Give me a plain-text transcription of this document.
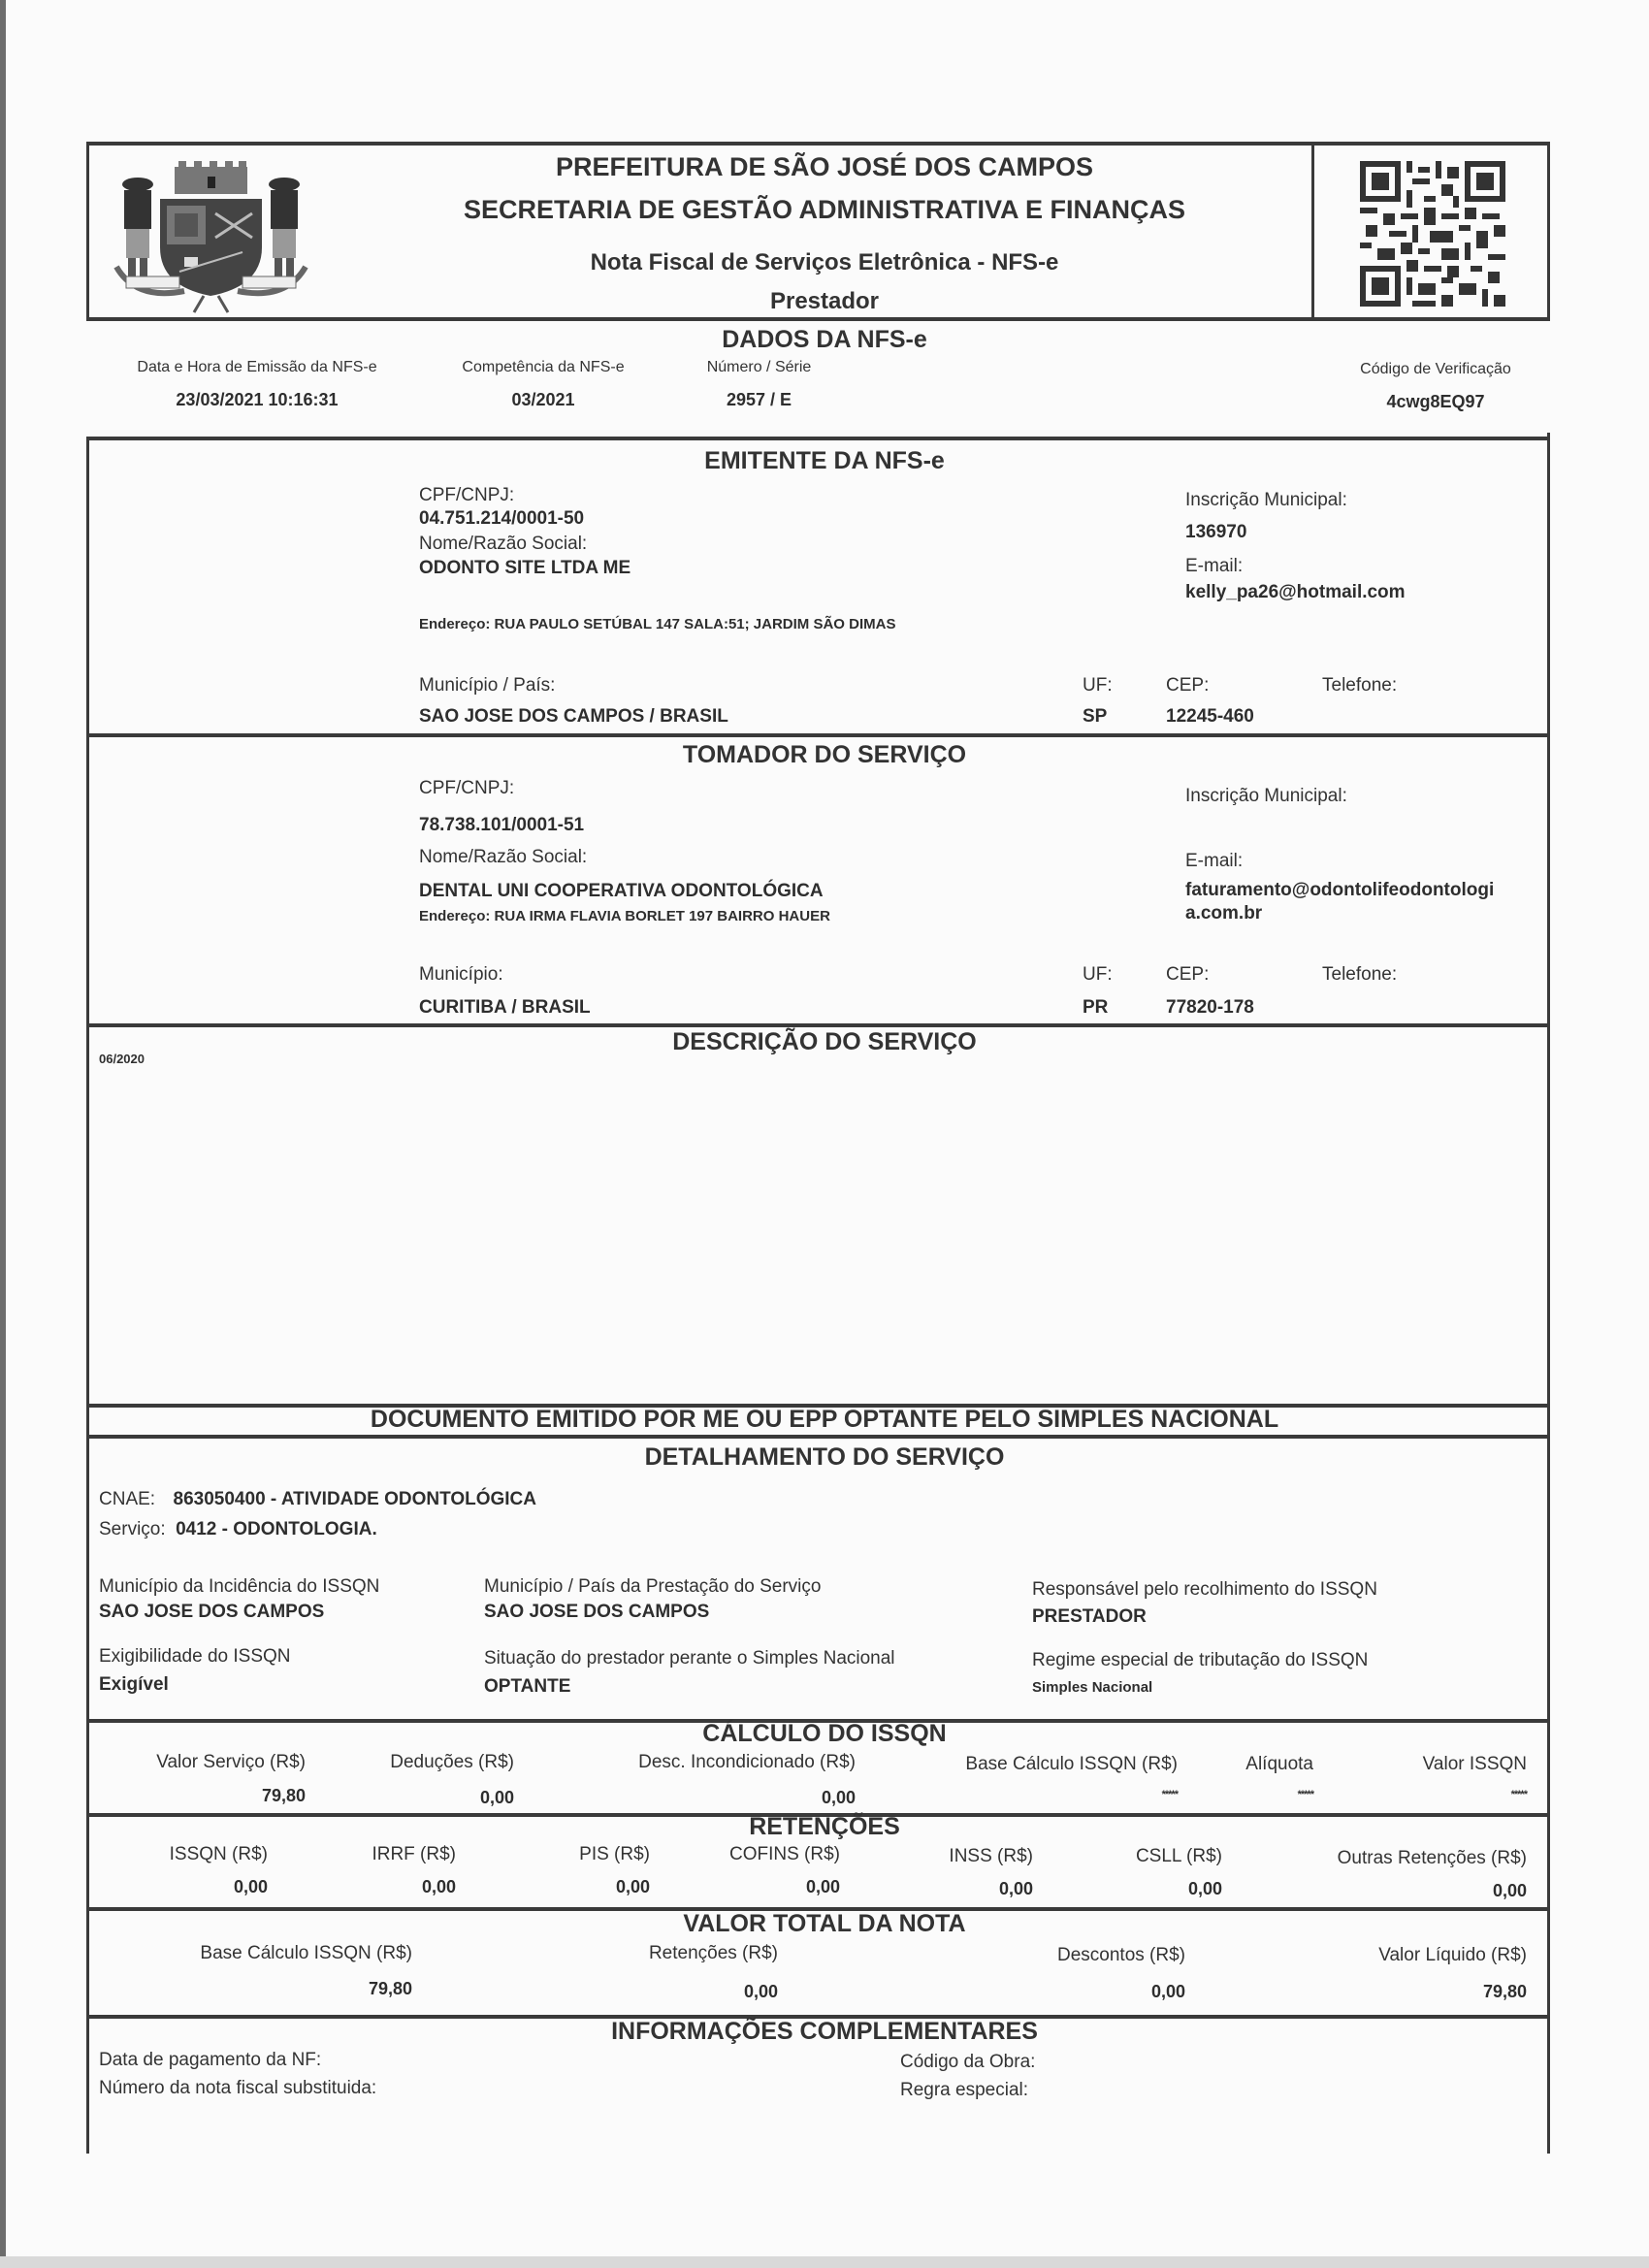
PREFEITURA DE SÃO JOSÉ DOS CAMPOS
SECRETARIA DE GESTÃO ADMINISTRATIVA E FINANÇAS
Nota Fiscal de Serviços Eletrônica - NFS-e
Prestador
DADOS DA NFS-e
Data e Hora de Emissão da NFS-e
23/03/2021 10:16:31
Competência da NFS-e
03/2021
Número / Série
2957 / E
Código de Verificação
4cwg8EQ97
EMITENTE DA NFS-e
CPF/CNPJ:
04.751.214/0001-50
Nome/Razão Social:
ODONTO SITE LTDA ME
Endereço: RUA PAULO SETÚBAL 147 SALA:51; JARDIM SÃO DIMAS
Inscrição Municipal:
136970
E-mail:
kelly_pa26@hotmail.com
Município / País:
SAO JOSE DOS CAMPOS / BRASIL
UF:
SP
CEP:
12245-460
Telefone:
TOMADOR DO SERVIÇO
CPF/CNPJ:
78.738.101/0001-51
Nome/Razão Social:
DENTAL UNI COOPERATIVA ODONTOLÓGICA
Endereço: RUA IRMA FLAVIA BORLET 197 BAIRRO HAUER
Inscrição Municipal:
E-mail:
faturamento@odontolifeodontologi
a.com.br
Município:
CURITIBA / BRASIL
UF:
PR
CEP:
77820-178
Telefone:
DESCRIÇÃO DO SERVIÇO
06/2020
DOCUMENTO EMITIDO POR ME OU EPP OPTANTE PELO SIMPLES NACIONAL
DETALHAMENTO DO SERVIÇO
CNAE: 863050400 - ATIVIDADE ODONTOLÓGICA
Serviço: 0412 - ODONTOLOGIA.
Município da Incidência do ISSQN
SAO JOSE DOS CAMPOS
Município / País da Prestação do Serviço
SAO JOSE DOS CAMPOS
Responsável pelo recolhimento do ISSQN
PRESTADOR
Exigibilidade do ISSQN
Exigível
Situação do prestador perante o Simples Nacional
OPTANTE
Regime especial de tributação do ISSQN
Simples Nacional
CÁLCULO DO ISSQN
Valor Serviço (R$)
79,80
Deduções (R$)
0,00
Desc. Incondicionado (R$)
0,00
Base Cálculo ISSQN (R$)
*****
Alíquota
*****
Valor ISSQN
*****
RETENÇÕES
ISSQN (R$)
0,00
IRRF (R$)
0,00
PIS (R$)
0,00
COFINS (R$)
0,00
INSS (R$)
0,00
CSLL (R$)
0,00
Outras Retenções (R$)
0,00
VALOR TOTAL DA NOTA
Base Cálculo ISSQN (R$)
79,80
Retenções (R$)
0,00
Descontos (R$)
0,00
Valor Líquido (R$)
79,80
INFORMAÇÕES COMPLEMENTARES
Data de pagamento da NF:
Número da nota fiscal substituida:
Código da Obra:
Regra especial:
